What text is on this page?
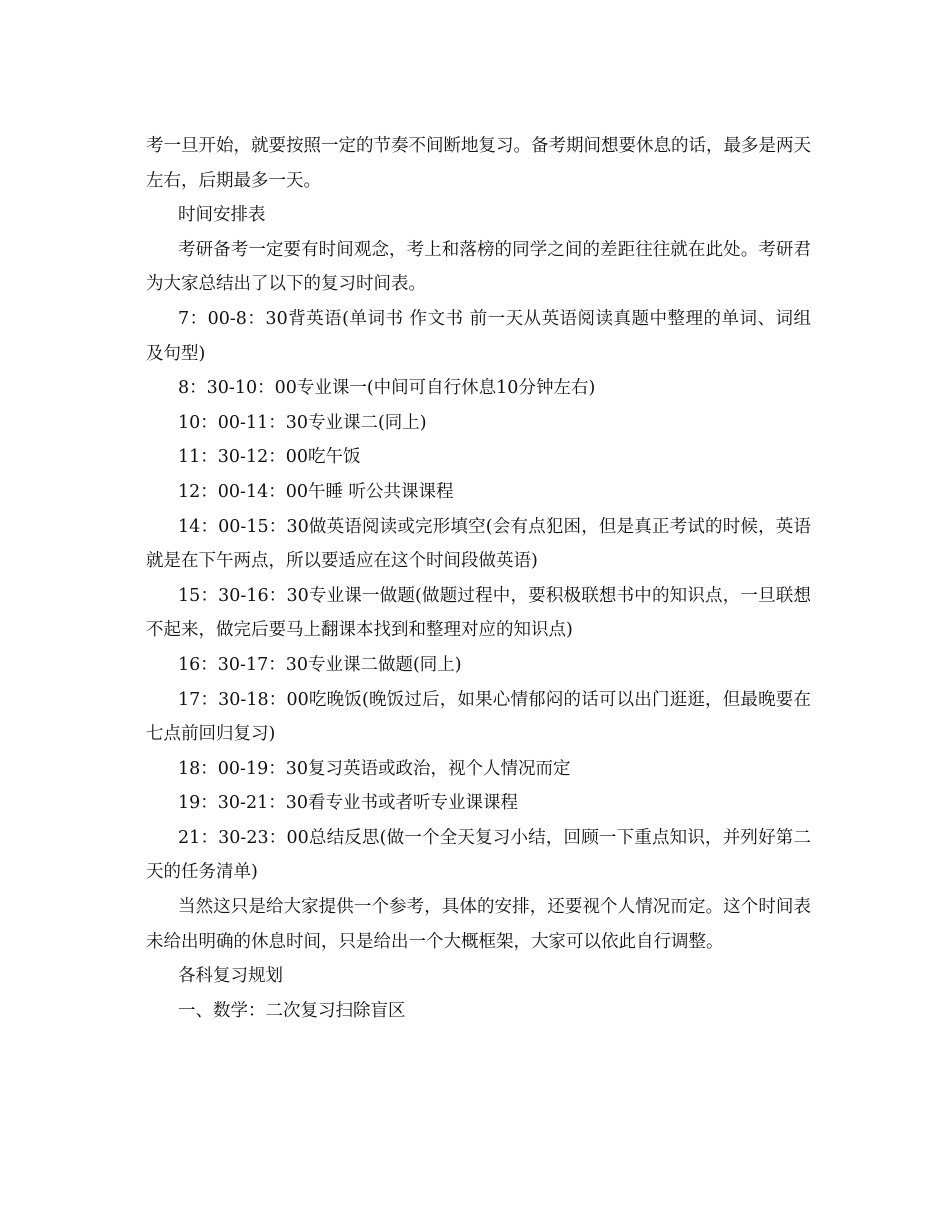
考一旦开始，就要按照一定的节奏不间断地复习。备考期间想要休息的话，最多是两天左右，后期最多一天。

时间安排表

考研备考一定要有时间观念，考上和落榜的同学之间的差距往往就在此处。考研君为大家总结出了以下的复习时间表。

7：00-8：30背英语(单词书 作文书 前一天从英语阅读真题中整理的单词、词组及句型)

8：30-10：00专业课一(中间可自行休息10分钟左右)

10：00-11：30专业课二(同上)

11：30-12：00吃午饭

12：00-14：00午睡 听公共课课程

14：00-15：30做英语阅读或完形填空(会有点犯困，但是真正考试的时候，英语就是在下午两点，所以要适应在这个时间段做英语)

15：30-16：30专业课一做题(做题过程中，要积极联想书中的知识点，一旦联想不起来，做完后要马上翻课本找到和整理对应的知识点)

16：30-17：30专业课二做题(同上)

17：30-18：00吃晚饭(晚饭过后，如果心情郁闷的话可以出门逛逛，但最晚要在七点前回归复习)

18：00-19：30复习英语或政治，视个人情况而定

19：30-21：30看专业书或者听专业课课程

21：30-23：00总结反思(做一个全天复习小结，回顾一下重点知识，并列好第二天的任务清单)

当然这只是给大家提供一个参考，具体的安排，还要视个人情况而定。这个时间表未给出明确的休息时间，只是给出一个大概框架，大家可以依此自行调整。

各科复习规划

一、数学：二次复习扫除盲区
